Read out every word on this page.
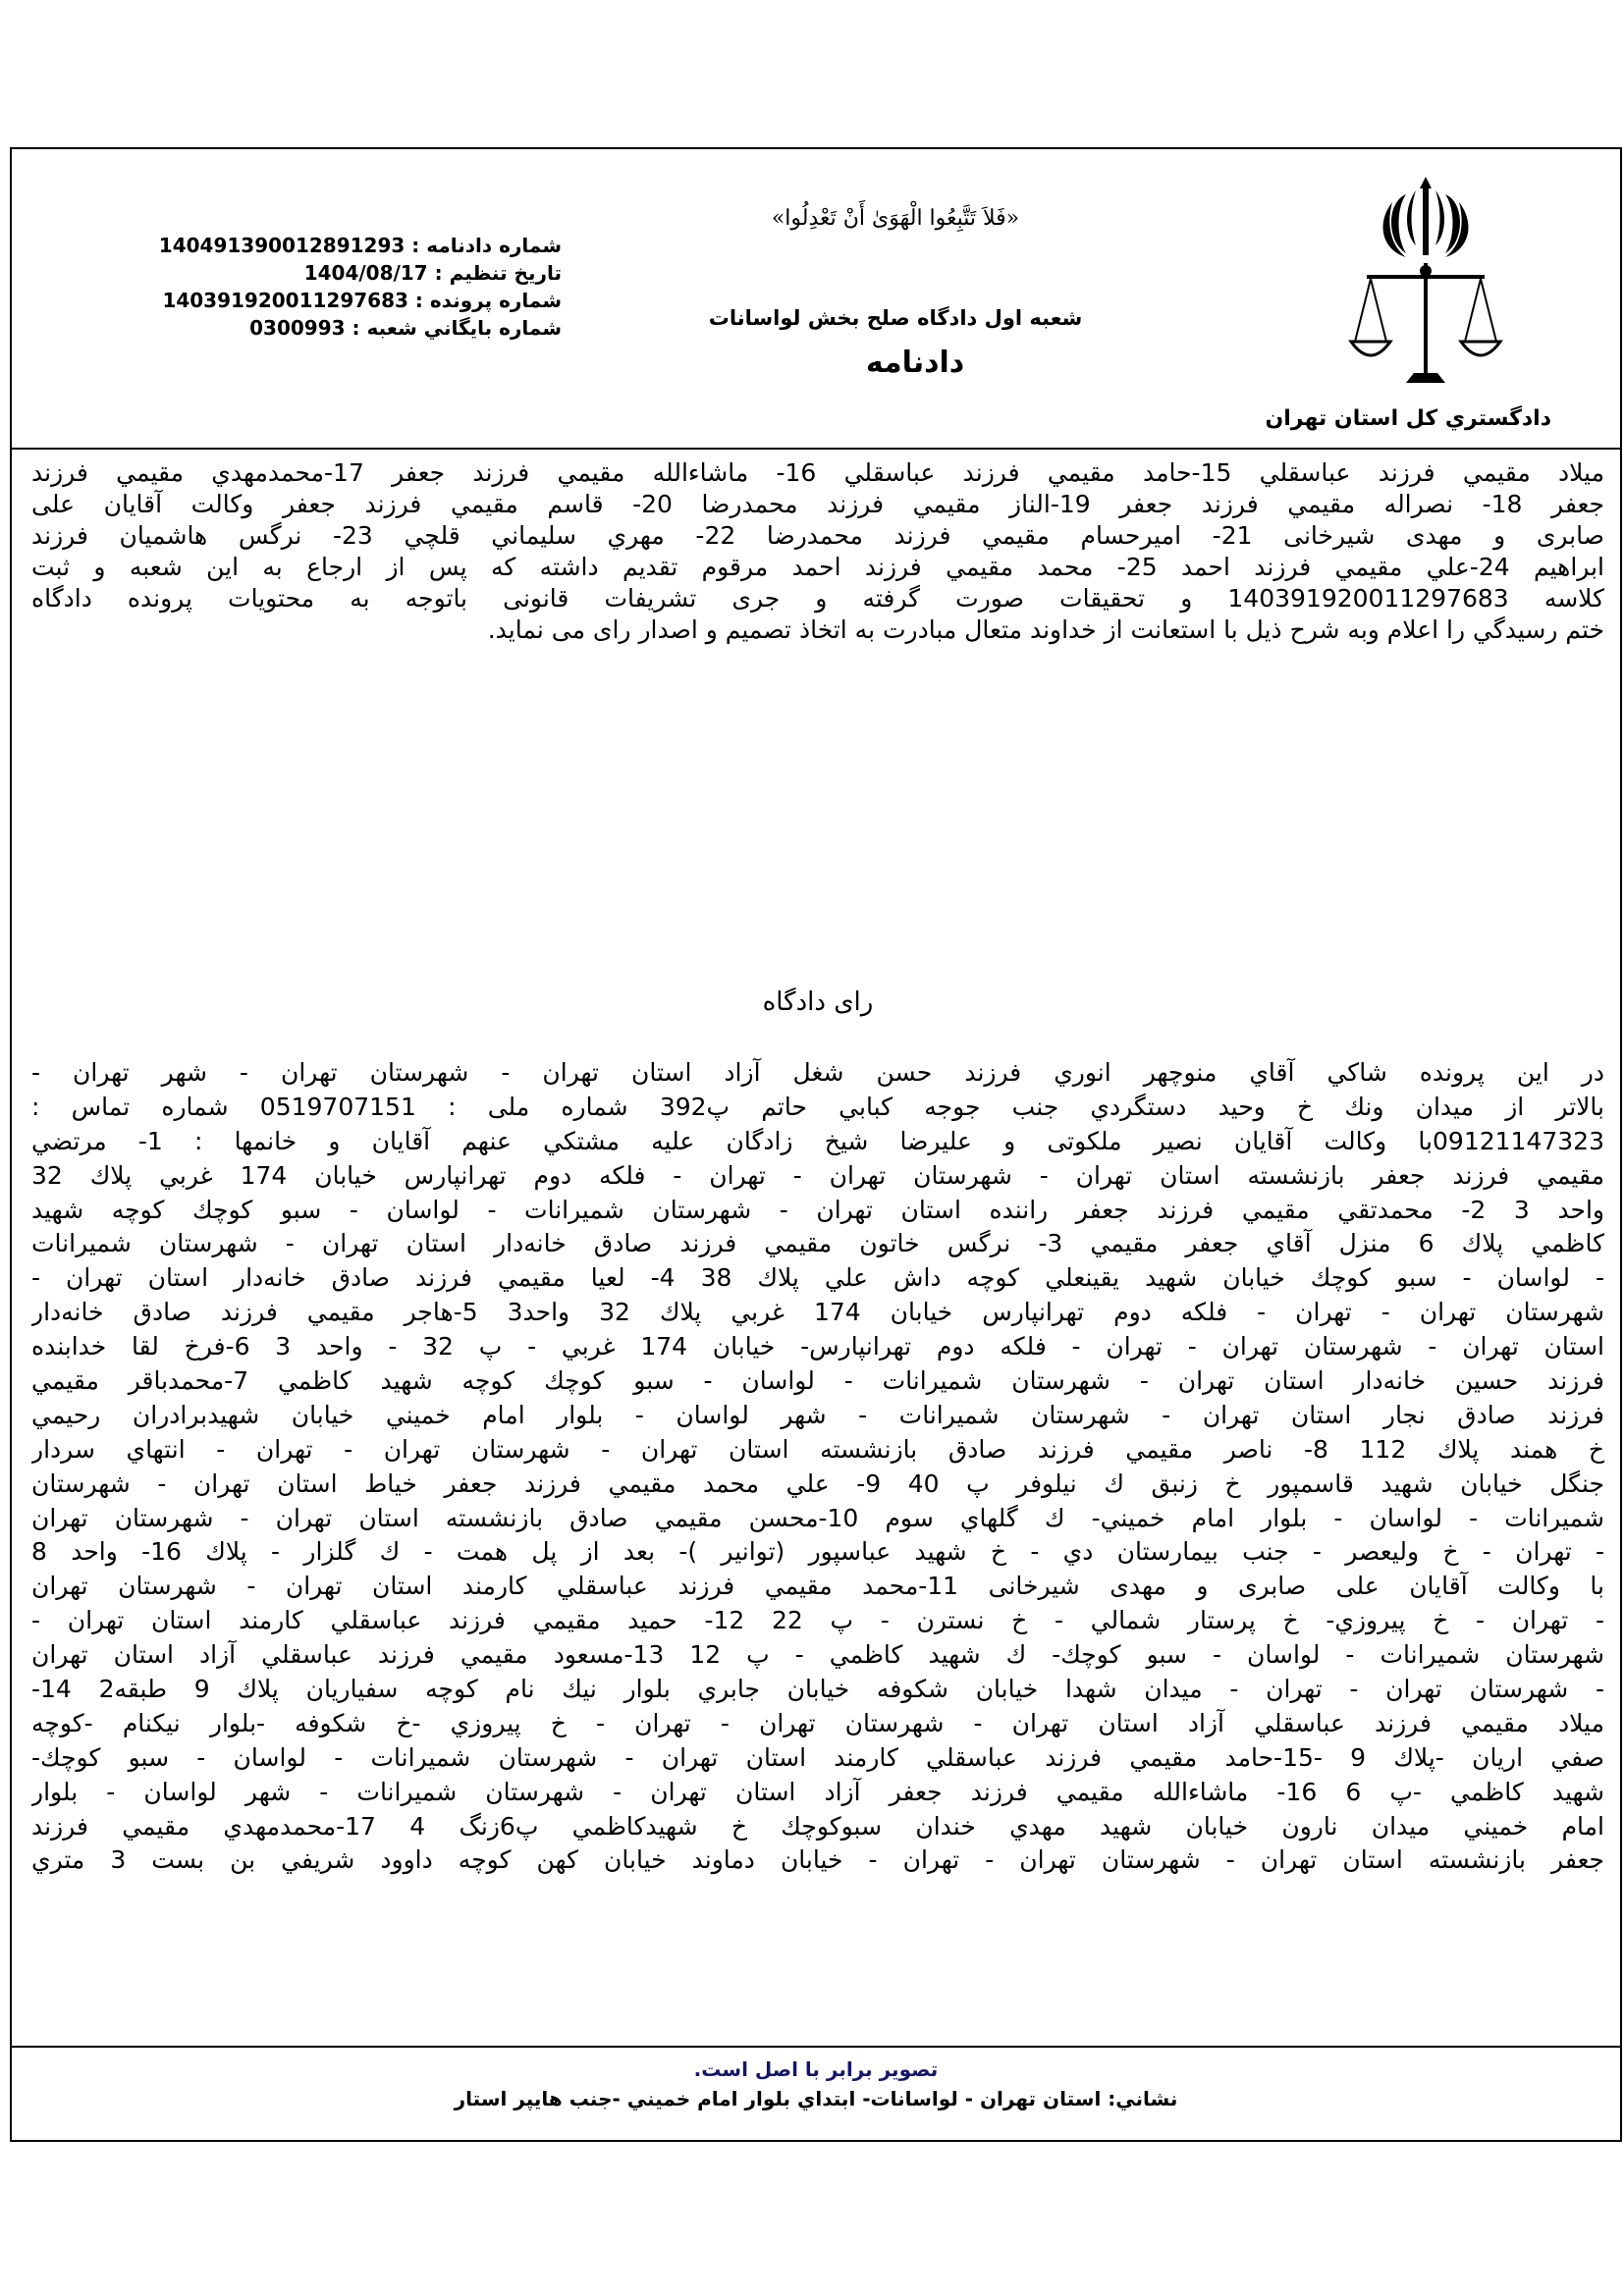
دادگستري كل استان تهران
«فَلاَ تَتَّبِعُوا الْهَوَىٰ أَنْ تَعْدِلُوا»
شعبه اول دادگاه صلح بخش لواسانات
دادنامه
شماره دادنامه : 140491390012891293
تاريخ تنظيم : 1404/08/17
شماره پرونده : 140391920011297683
شماره بايگاني شعبه : 0300993
ميلاد مقيمي فرزند عباسقلي 15-حامد مقيمي فرزند عباسقلي 16- ماشاءالله مقيمي فرزند جعفر 17-محمدمهدي مقيمي فرزند
جعفر 18- نصراله مقيمي فرزند جعفر 19-الناز مقيمي فرزند محمدرضا 20- قاسم مقيمي فرزند جعفر وكالت آقايان على
صابرى و مهدى شيرخانى 21- اميرحسام مقيمي فرزند محمدرضا 22- مهري سليماني قلچي 23- نرگس هاشميان فرزند
ابراهيم 24-علي مقيمي فرزند احمد 25- محمد مقيمي فرزند احمد مرقوم تقديم داشته كه پس از ارجاع به اين شعبه و ثبت
كلاسه 140391920011297683 و تحقيقات صورت گرفته و جرى تشريفات قانونى باتوجه به محتويات پرونده دادگاه
ختم رسيدگي را اعلام وبه شرح ذيل با استعانت از خداوند متعال مبادرت به اتخاذ تصميم و اصدار راى مى نمايد.
راى دادگاه
در اين پرونده شاكي آقاي منوچهر انوري فرزند حسن شغل آزاد استان تهران - شهرستان تهران - شهر تهران -
بالاتر از ميدان ونك خ وحيد دستگردي جنب جوجه كبابي حاتم پ392 شماره ملى : 0519707151 شماره تماس :
09121147323با وكالت آقايان نصير ملكوتى و عليرضا شيخ زادگان عليه مشتكي عنهم آقايان و خانمها : 1- مرتضي
مقيمي فرزند جعفر بازنشسته استان تهران - شهرستان تهران - تهران - فلكه دوم تهرانپارس خيابان 174 غربي پلاك 32
واحد 3 2- محمدتقي مقيمي فرزند جعفر راننده استان تهران - شهرستان شميرانات - لواسان - سبو كوچك كوچه شهيد
كاظمي پلاك 6 منزل آقاي جعفر مقيمي 3- نرگس خاتون مقيمي فرزند صادق خانه‌دار استان تهران - شهرستان شميرانات
- لواسان - سبو كوچك خيابان شهيد يقينعلي كوچه داش علي پلاك 38 4- لعيا مقيمي فرزند صادق خانه‌دار استان تهران -
شهرستان تهران - تهران - فلكه دوم تهرانپارس خيابان 174 غربي پلاك 32 واحد3 5-هاجر مقيمي فرزند صادق خانه‌دار
استان تهران - شهرستان تهران - تهران - فلكه دوم تهرانپارس- خيابان 174 غربي - پ 32 - واحد 3 6-فرخ لقا خدابنده
فرزند حسين خانه‌دار استان تهران - شهرستان شميرانات - لواسان - سبو كوچك كوچه شهيد كاظمي 7-محمدباقر مقيمي
فرزند صادق نجار استان تهران - شهرستان شميرانات - شهر لواسان - بلوار امام خميني خيابان شهيدبرادران رحيمي
خ همند پلاك 112 8- ناصر مقيمي فرزند صادق بازنشسته استان تهران - شهرستان تهران - تهران - انتهاي سردار
جنگل خيابان شهيد قاسمپور خ زنبق ك نيلوفر پ 40 9- علي محمد مقيمي فرزند جعفر خياط استان تهران - شهرستان
شميرانات - لواسان - بلوار امام خميني- ك گلهاي سوم 10-محسن مقيمي صادق بازنشسته استان تهران - شهرستان تهران
- تهران - خ وليعصر - جنب بيمارستان دي - خ شهيد عباسپور (توانير )- بعد از پل همت - ك گلزار - پلاك 16- واحد 8
با وكالت آقايان على صابرى و مهدى شيرخانى 11-محمد مقيمي فرزند عباسقلي كارمند استان تهران - شهرستان تهران
- تهران - خ پيروزي- خ پرستار شمالي - خ نسترن - پ 22 12- حميد مقيمي فرزند عباسقلي كارمند استان تهران -
شهرستان شميرانات - لواسان - سبو كوچك- ك شهيد كاظمي - پ 12 13-مسعود مقيمي فرزند عباسقلي آزاد استان تهران
- شهرستان تهران - تهران - ميدان شهدا خيابان شكوفه خيابان جابري بلوار نيك نام كوچه سفياريان پلاك 9 طبقه2 14-
ميلاد مقيمي فرزند عباسقلي آزاد استان تهران - شهرستان تهران - تهران - خ پيروزي -خ شكوفه -بلوار نيكنام -كوچه
صفي اريان -پلاك 9 -15-حامد مقيمي فرزند عباسقلي كارمند استان تهران - شهرستان شميرانات - لواسان - سبو كوچك-
شهيد كاظمي -پ 6 16- ماشاءالله مقيمي فرزند جعفر آزاد استان تهران - شهرستان شميرانات - شهر لواسان - بلوار
امام خميني ميدان نارون خيابان شهيد مهدي خندان سبوكوچك خ شهيدكاظمي پ6زنگ 4 17-محمدمهدي مقيمي فرزند
جعفر بازنشسته استان تهران - شهرستان تهران - تهران - خيابان دماوند خيابان كهن كوچه داوود شريفي بن بست 3 متري
تصوير برابر با اصل است.
نشاني: استان تهران - لواسانات- ابتداي بلوار امام خميني -جنب هايپر استار
